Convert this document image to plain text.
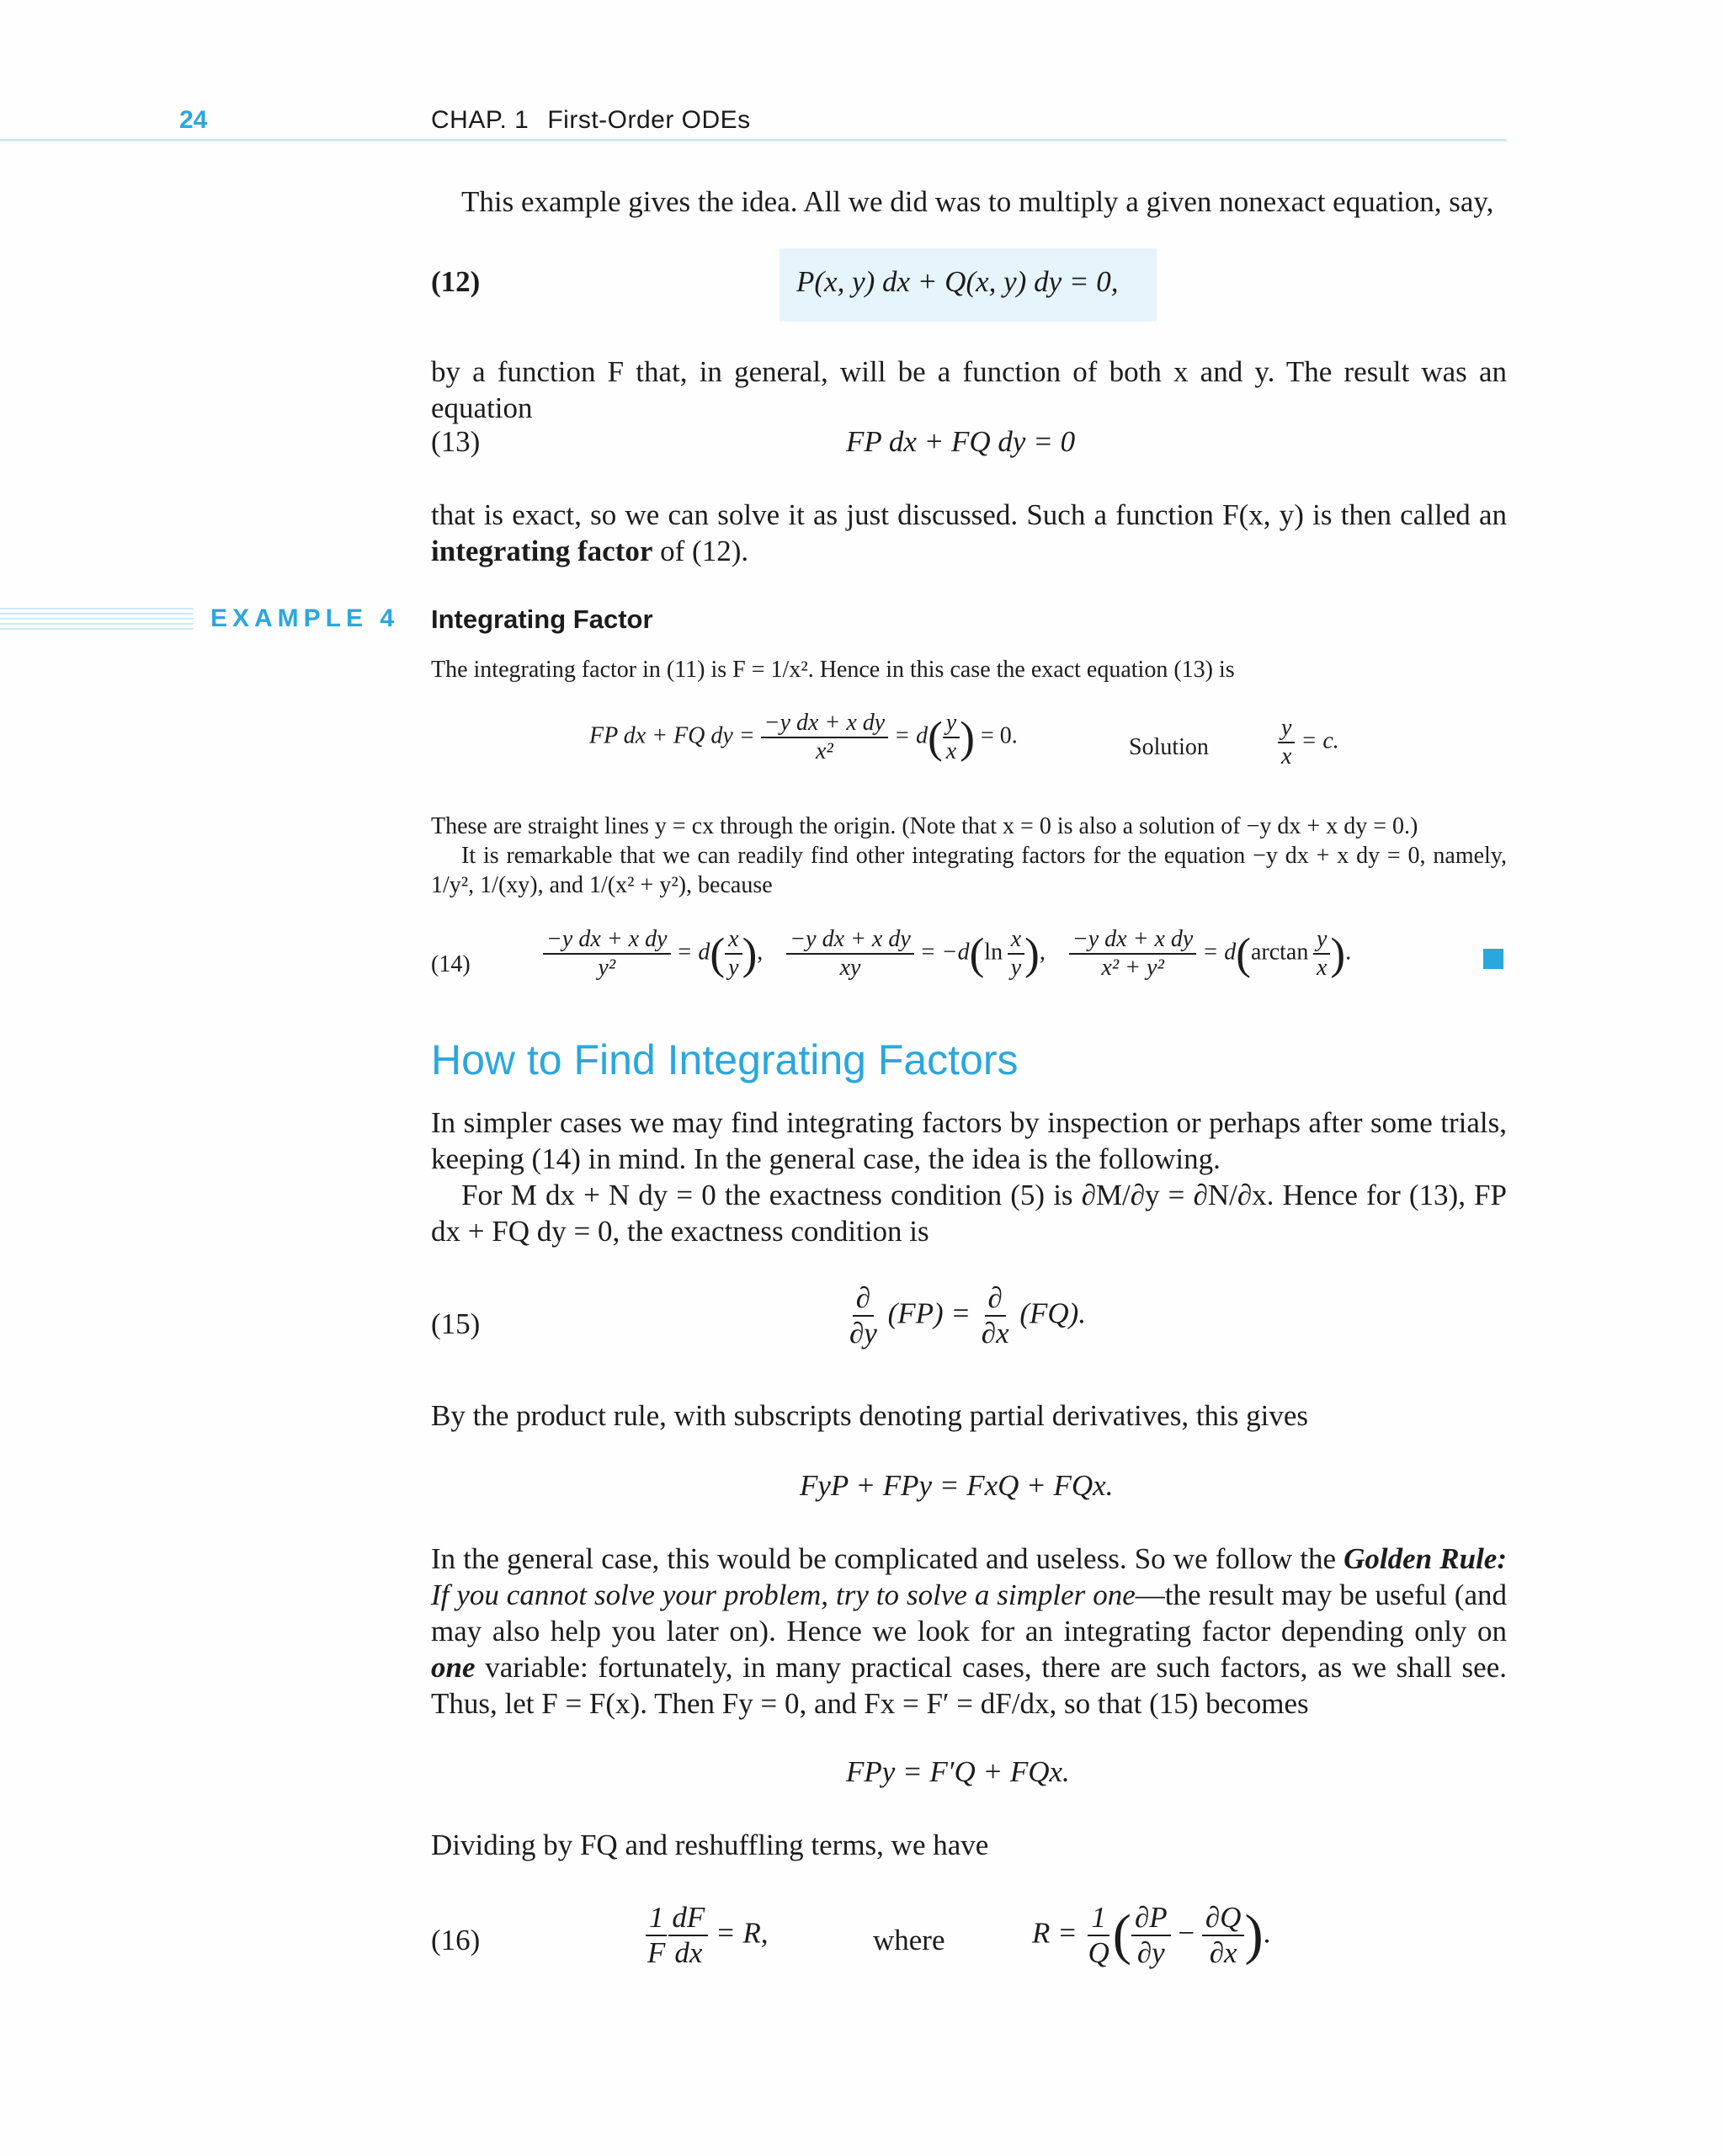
24	CHAP. 1 First-Order ODEs
This example gives the idea. All we did was to multiply a given nonexact equation, say,
(12)	P(x, y) dx + Q(x, y) dy = 0,
by a function F that, in general, will be a function of both x and y. The result was an equation
(13)	FP dx + FQ dy = 0
that is exact, so we can solve it as just discussed. Such a function F(x, y) is then called an integrating factor of (12).
EXAMPLE 4 Integrating Factor
The integrating factor in (11) is F = 1/x². Hence in this case the exact equation (13) is
FP dx + FQ dy = $\frac{\text{−y dx + x dy}}{\text{x²}} = d( \frac{y}{x}$ ) = 0.	Solution	$\frac{y}{x} = c$.
These are straight lines y = cx through the origin. (Note that x = 0 is also a solution of −y dx + x dy = 0.)
It is remarkable that we can readily find other integrating factors for the equation −y dx + x dy = 0, namely, 1/y², 1/(xy), and 1/(x² + y²), because
(14)	$\frac{\text{−y dx + x dy}}{\text{y²}} = d( \frac{x}{y}$ ), $\frac{\text{−y dx + x dy}}{xy} = -d(\ln \frac{x}{y}$ ), $\frac{\text{−y dx + x dy}}{\text{x² + y²}} = d(\arctan \frac{y}{x}$ ).
How to Find Integrating Factors
In simpler cases we may find integrating factors by inspection or perhaps after some trials, keeping (14) in mind. In the general case, the idea is the following.
For M dx + N dy = 0 the exactness condition (5) is ∂M/∂y = ∂N/∂x. Hence for (13), FP dx + FQ dy = 0, the exactness condition is
(15)	$\frac{\partial}{\partial y} (FP) = \frac{\partial}{\partial x} (FQ)$.
By the product rule, with subscripts denoting partial derivatives, this gives
FyP + FPy = FxQ + FQx.
In the general case, this would be complicated and useless. So we follow the Golden Rule: If you cannot solve your problem, try to solve a simpler one—the result may be useful (and may also help you later on). Hence we look for an integrating factor depending only on one variable: fortunately, in many practical cases, there are such factors, as we shall see. Thus, let F = F(x). Then Fy = 0, and Fx = F′ = dF/dx, so that (15) becomes
FPy = F′Q + FQx.
Dividing by FQ and reshuffling terms, we have
(16)	$\frac{1}{F} \frac{dF}{dx} = R$,	where	$R = \frac{1}{Q}$ ( $\frac{\partial P}{\partial y} - \frac{\partial Q}{\partial x}$ ).
